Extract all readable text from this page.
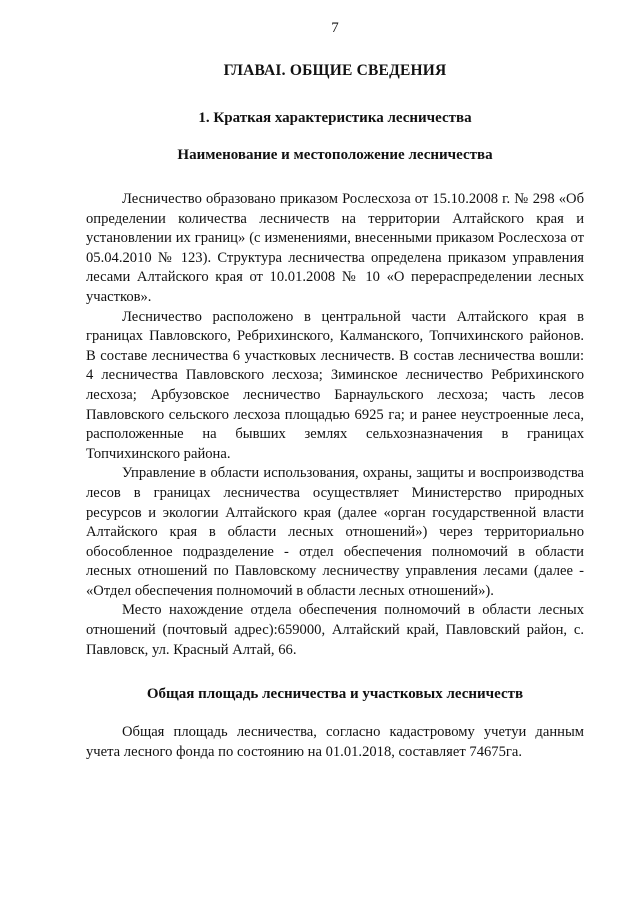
7
ГЛАВАI. ОБЩИЕ СВЕДЕНИЯ
1. Краткая характеристика лесничества
Наименование и местоположение лесничества

Лесничество образовано приказом Рослесхоза от 15.10.2008 г. № 298 «Об определении количества лесничеств на территории Алтайского края и установлении их границ» (с изменениями, внесенными приказом Рослесхоза от 05.04.2010 № 123). Структура лесничества определена приказом управления лесами Алтайского края от 10.01.2008 № 10 «О перераспределении лесных участков».

Лесничество расположено в центральной части Алтайского края в границах Павловского, Ребрихинского, Калманского, Топчихинского районов. В составе лесничества 6 участковых лесничеств. В состав лесничества вошли: 4 лесничества Павловского лесхоза; Зиминское лесничество Ребрихинского лесхоза; Арбузовское лесничество Барнаульского лесхоза; часть лесов Павловского сельского лесхоза площадью 6925 га; и ранее неустроенные леса, расположенные на бывших землях сельхозназначения в границах Топчихинского района.

Управление в области использования, охраны, защиты и воспроизводства лесов в границах лесничества осуществляет Министерство природных ресурсов и экологии Алтайского края (далее «орган государственной власти Алтайского края в области лесных отношений») через территориально обособленное подразделение - отдел обеспечения полномочий в области лесных отношений по Павловскому лесничеству управления лесами (далее - «Отдел обеспечения полномочий в области лесных отношений»).

Место нахождение отдела обеспечения полномочий в области лесных отношений (почтовый адрес):659000, Алтайский край, Павловский район, с. Павловск, ул. Красный Алтай, 66.

Общая площадь лесничества и участковых лесничеств

Общая площадь лесничества, согласно кадастровому учетуи данным учета лесного фонда по состоянию на 01.01.2018, составляет 74675га.
